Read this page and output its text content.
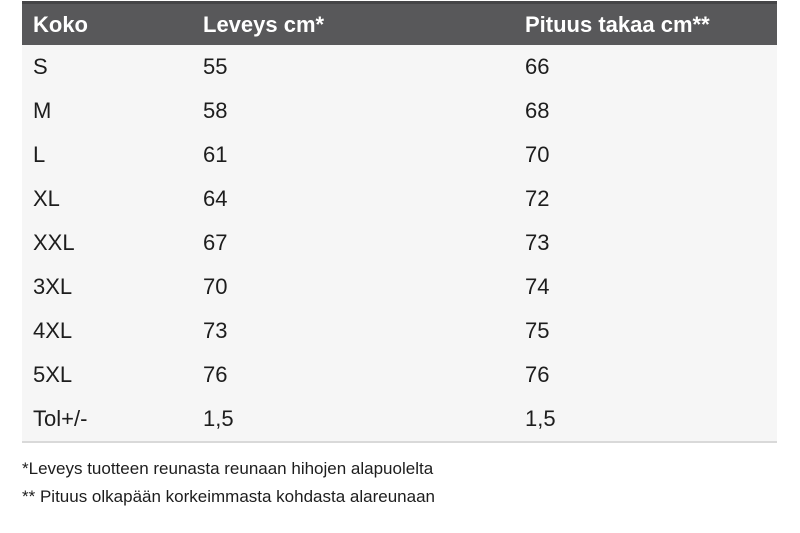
Koko	Leveys cm*	Pituus takaa cm**
S	55	66
M	58	68
L	61	70
XL	64	72
XXL	67	73
3XL	70	74
4XL	73	75
5XL	76	76
Tol+/-	1,5	1,5
*Leveys tuotteen reunasta reunaan hihojen alapuolelta
** Pituus olkapään korkeimmasta kohdasta alareunaan
